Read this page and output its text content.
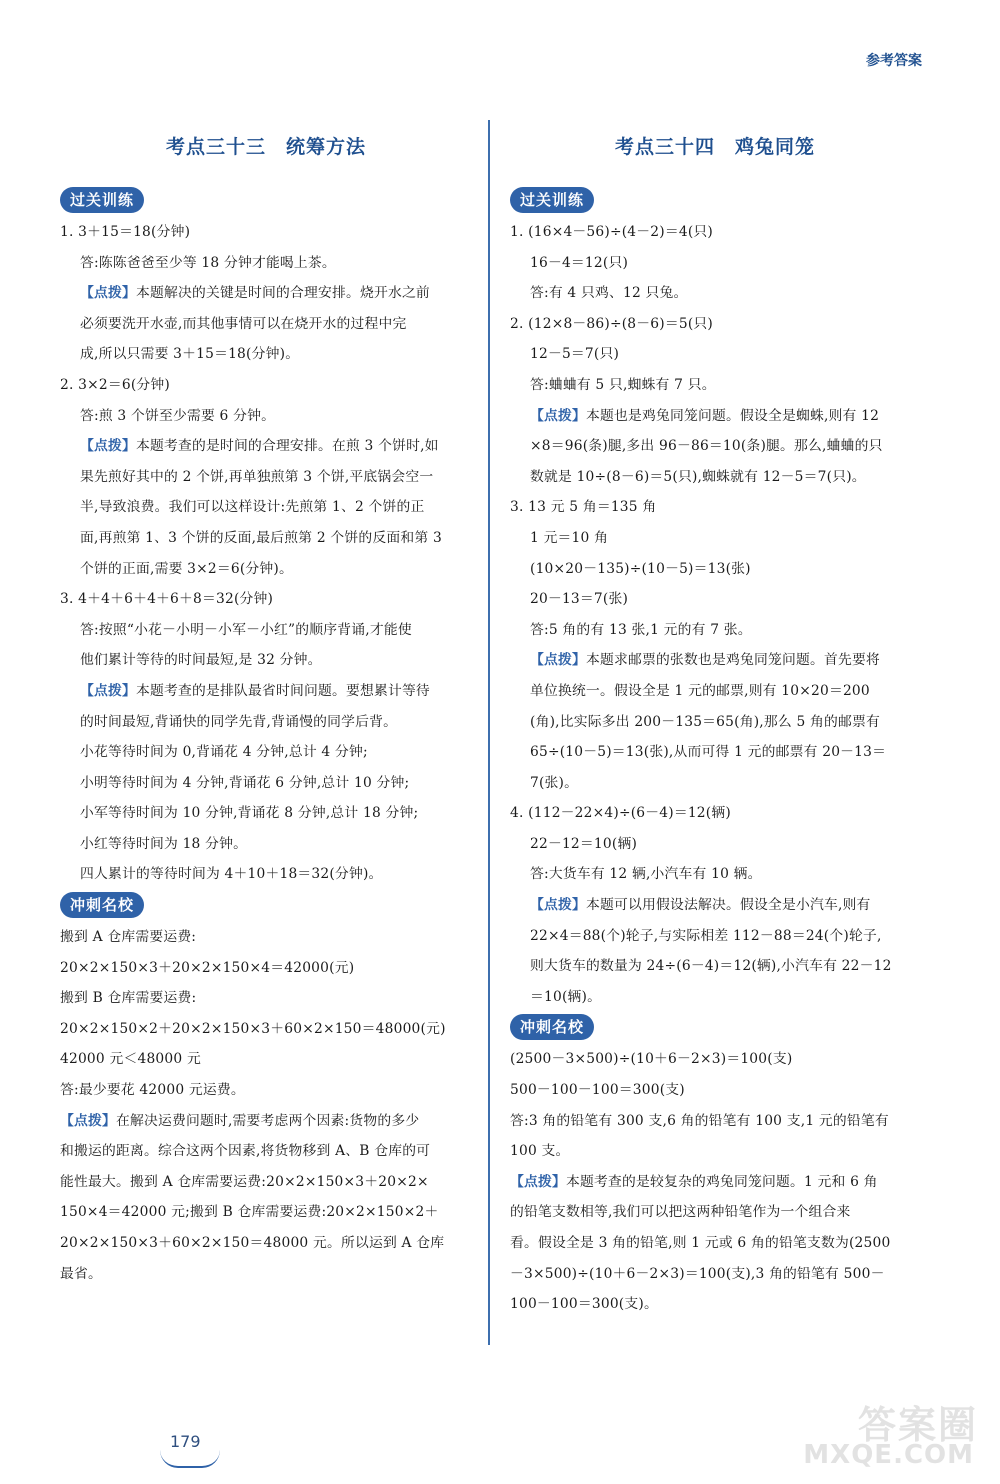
参考答案
考点三十三　统筹方法
过关训练
1. 3＋15＝18(分钟)
答:陈陈爸爸至少等 18 分钟才能喝上茶。
【点拨】本题解决的关键是时间的合理安排。烧开水之前
必须要洗开水壶,而其他事情可以在烧开水的过程中完
成,所以只需要 3＋15＝18(分钟)。
2. 3×2＝6(分钟)
答:煎 3 个饼至少需要 6 分钟。
【点拨】本题考查的是时间的合理安排。在煎 3 个饼时,如
果先煎好其中的 2 个饼,再单独煎第 3 个饼,平底锅会空一
半,导致浪费。我们可以这样设计:先煎第 1、2 个饼的正
面,再煎第 1、3 个饼的反面,最后煎第 2 个饼的反面和第 3
个饼的正面,需要 3×2＝6(分钟)。
3. 4＋4＋6＋4＋6＋8＝32(分钟)
答:按照“小花－小明－小军－小红”的顺序背诵,才能使
他们累计等待的时间最短,是 32 分钟。
【点拨】本题考查的是排队最省时间问题。要想累计等待
的时间最短,背诵快的同学先背,背诵慢的同学后背。
小花等待时间为 0,背诵花 4 分钟,总计 4 分钟;
小明等待时间为 4 分钟,背诵花 6 分钟,总计 10 分钟;
小军等待时间为 10 分钟,背诵花 8 分钟,总计 18 分钟;
小红等待时间为 18 分钟。
四人累计的等待时间为 4＋10＋18＝32(分钟)。
冲刺名校
搬到 A 仓库需要运费:
20×2×150×3＋20×2×150×4＝42000(元)
搬到 B 仓库需要运费:
20×2×150×2＋20×2×150×3＋60×2×150＝48000(元)
42000 元＜48000 元
答:最少要花 42000 元运费。
【点拨】在解决运费问题时,需要考虑两个因素:货物的多少
和搬运的距离。综合这两个因素,将货物移到 A、B 仓库的可
能性最大。搬到 A 仓库需要运费:20×2×150×3＋20×2×
150×4＝42000 元;搬到 B 仓库需要运费:20×2×150×2＋
20×2×150×3＋60×2×150＝48000 元。所以运到 A 仓库
最省。
考点三十四　鸡兔同笼
过关训练
1. (16×4－56)÷(4－2)＝4(只)
16－4＝12(只)
答:有 4 只鸡、12 只兔。
2. (12×8－86)÷(8－6)＝5(只)
12－5＝7(只)
答:蛐蛐有 5 只,蜘蛛有 7 只。
【点拨】本题也是鸡兔同笼问题。假设全是蜘蛛,则有 12
×8＝96(条)腿,多出 96－86＝10(条)腿。那么,蛐蛐的只
数就是 10÷(8－6)＝5(只),蜘蛛就有 12－5＝7(只)。
3. 13 元 5 角＝135 角
1 元＝10 角
(10×20－135)÷(10－5)＝13(张)
20－13＝7(张)
答:5 角的有 13 张,1 元的有 7 张。
【点拨】本题求邮票的张数也是鸡兔同笼问题。首先要将
单位换统一。假设全是 1 元的邮票,则有 10×20＝200
(角),比实际多出 200－135＝65(角),那么 5 角的邮票有
65÷(10－5)＝13(张),从而可得 1 元的邮票有 20－13＝
7(张)。
4. (112－22×4)÷(6－4)＝12(辆)
22－12＝10(辆)
答:大货车有 12 辆,小汽车有 10 辆。
【点拨】本题可以用假设法解决。假设全是小汽车,则有
22×4＝88(个)轮子,与实际相差 112－88＝24(个)轮子,
则大货车的数量为 24÷(6－4)＝12(辆),小汽车有 22－12
＝10(辆)。
冲刺名校
(2500－3×500)÷(10＋6－2×3)＝100(支)
500－100－100＝300(支)
答:3 角的铅笔有 300 支,6 角的铅笔有 100 支,1 元的铅笔有
100 支。
【点拨】本题考查的是较复杂的鸡兔同笼问题。1 元和 6 角
的铅笔支数相等,我们可以把这两种铅笔作为一个组合来
看。假设全是 3 角的铅笔,则 1 元或 6 角的铅笔支数为(2500
－3×500)÷(10＋6－2×3)＝100(支),3 角的铅笔有 500－
100－100＝300(支)。
179	答案圈
MXQE.COM
